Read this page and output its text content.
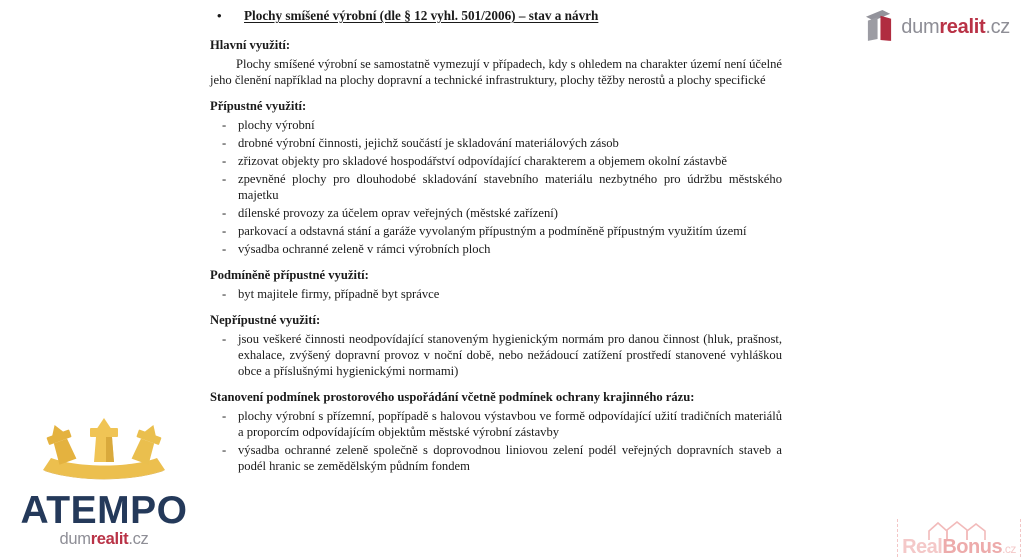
•	Plochy smíšené výrobní (dle § 12 vyhl. 501/2006) – stav a návrh
Hlavní využití:

Plochy smíšené výrobní se samostatně vymezují v případech, kdy s ohledem na charakter území není účelné jeho členění například na plochy dopravní a technické infrastruktury, plochy těžby nerostů a plochy specifické

Přípustné využití:
- plochy výrobní
- drobné výrobní činnosti, jejichž součástí je skladování materiálových zásob
- zřizovat objekty pro skladové hospodářství odpovídající charakterem a objemem okolní zástavbě
- zpevněné plochy pro dlouhodobé skladování stavebního materiálu nezbytného pro údržbu městského majetku
- dílenské provozy za účelem oprav veřejných (městské zařízení)
- parkovací a odstavná stání a garáže vyvolaným přípustným a podmíněně přípustným využitím území
- výsadba ochranné zeleně v rámci výrobních ploch
Podmíněně přípustné využití:
- byt majitele firmy, případně byt správce
Nepřípustné využití:
- jsou veškeré činnosti neodpovídající stanoveným hygienickým normám pro danou činnost (hluk, prašnost, exhalace, zvýšený dopravní provoz v noční době, nebo nežádoucí zatížení prostředí stanovené vyhláškou obce a příslušnými hygienickými normami)
Stanovení podmínek prostorového uspořádání včetně podmínek ochrany krajinného rázu:
- plochy výrobní s přízemní, popřípadě s halovou výstavbou ve formě odpovídající užití tradičních materiálů a proporcím odpovídajícím objektům městské výrobní zástavby
- výsadba ochranné zeleně společně s doprovodnou liniovou zelení podél veřejných dopravních staveb a podél hranic se zemědělským půdním fondem
dumrealit.cz
ATEMPO
dumrealit.cz	RealBonus.cz
